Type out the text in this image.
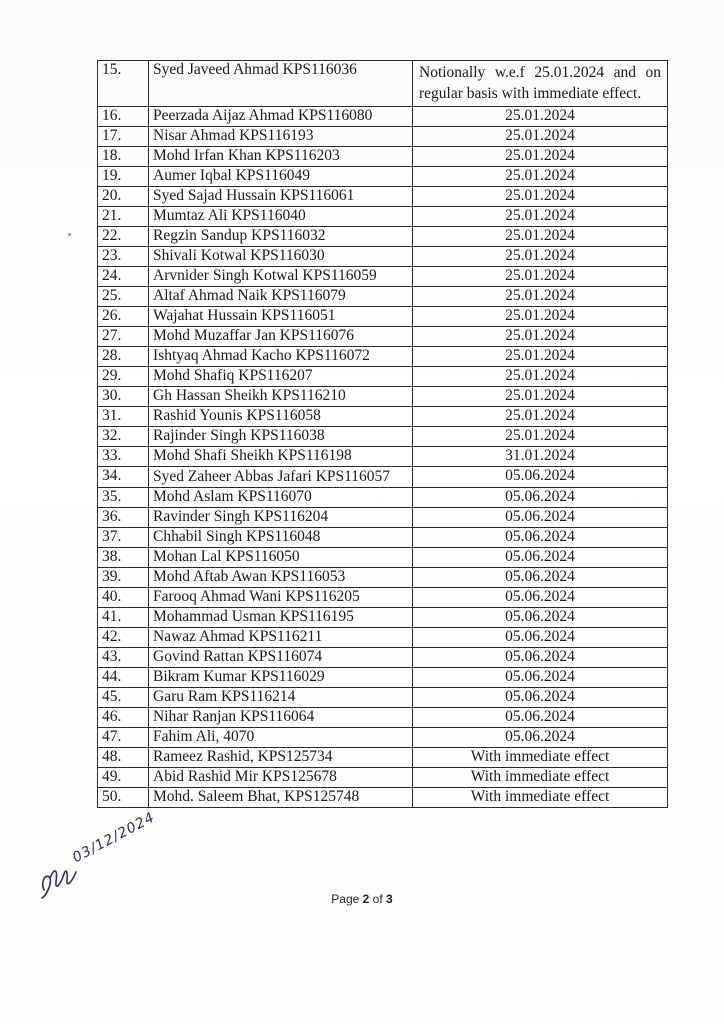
15.	Syed Javeed Ahmad KPS116036	Notionally w.e.f 25.01.2024 and on regular basis with immediate effect.
16.	Peerzada Aijaz Ahmad KPS116080	25.01.2024
17.	Nisar Ahmad KPS116193	25.01.2024
18.	Mohd Irfan Khan KPS116203	25.01.2024
19.	Aumer Iqbal KPS116049	25.01.2024
20.	Syed Sajad Hussain KPS116061	25.01.2024
21.	Mumtaz Ali KPS116040	25.01.2024
22.	Regzin Sandup KPS116032	25.01.2024
23.	Shivali Kotwal KPS116030	25.01.2024
24.	Arvnider Singh Kotwal KPS116059	25.01.2024
25.	Altaf Ahmad Naik KPS116079	25.01.2024
26.	Wajahat Hussain KPS116051	25.01.2024
27.	Mohd Muzaffar Jan KPS116076	25.01.2024
28.	Ishtyaq Ahmad Kacho KPS116072	25.01.2024
29.	Mohd Shafiq KPS116207	25.01.2024
30.	Gh Hassan Sheikh KPS116210	25.01.2024
31.	Rashid Younis KPS116058	25.01.2024
32.	Rajinder Singh KPS116038	25.01.2024
33.	Mohd Shafi Sheikh KPS116198	31.01.2024
34.	Syed Zaheer Abbas Jafari KPS116057	05.06.2024
35.	Mohd Aslam KPS116070	05.06.2024
36.	Ravinder Singh KPS116204	05.06.2024
37.	Chhabil Singh KPS116048	05.06.2024
38.	Mohan Lal KPS116050	05.06.2024
39.	Mohd Aftab Awan KPS116053	05.06.2024
40.	Farooq Ahmad Wani KPS116205	05.06.2024
41.	Mohammad Usman KPS116195	05.06.2024
42.	Nawaz Ahmad KPS116211	05.06.2024
43.	Govind Rattan KPS116074	05.06.2024
44.	Bikram Kumar KPS116029	05.06.2024
45.	Garu Ram KPS116214	05.06.2024
46.	Nihar Ranjan KPS116064	05.06.2024
47.	Fahim Ali, 4070	05.06.2024
48.	Rameez Rashid, KPS125734	With immediate effect
49.	Abid Rashid Mir KPS125678	With immediate effect
50.	Mohd. Saleem Bhat, KPS125748	With immediate effect
03/12/2024
Page 2 of 3
